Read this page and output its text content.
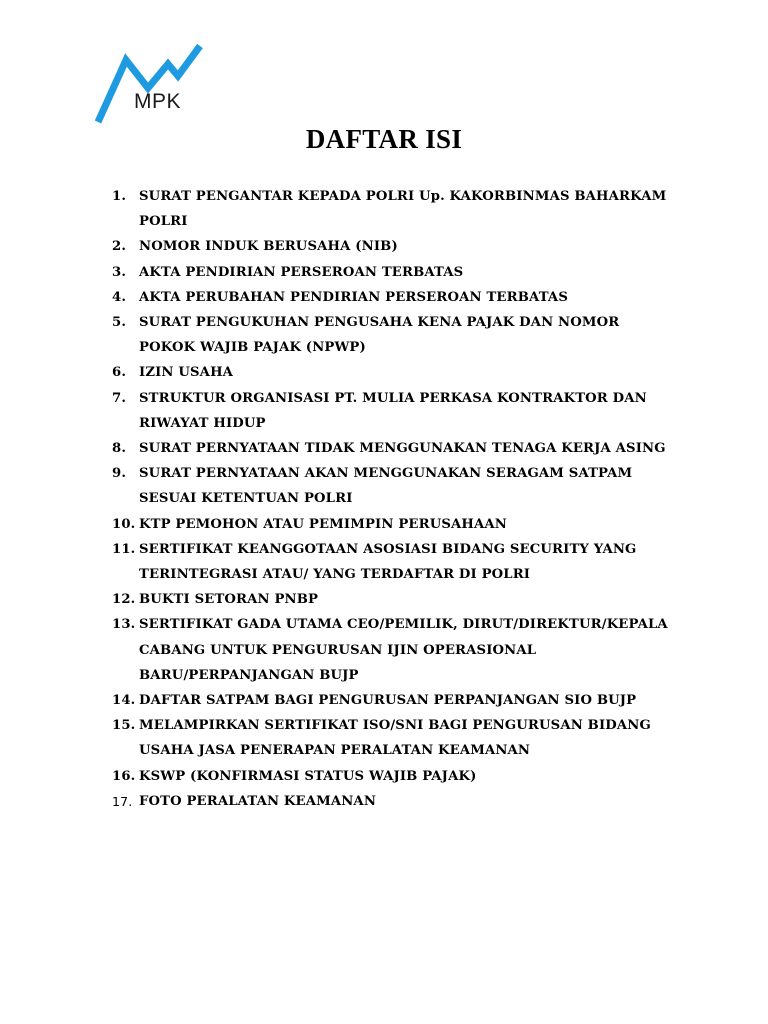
MPK
DAFTAR ISI
1. SURAT PENGANTAR KEPADA POLRI Up. KAKORBINMAS BAHARKAM
POLRI
2. NOMOR INDUK BERUSAHA (NIB)
3. AKTA PENDIRIAN PERSEROAN TERBATAS
4. AKTA PERUBAHAN PENDIRIAN PERSEROAN TERBATAS
5. SURAT PENGUKUHAN PENGUSAHA KENA PAJAK DAN NOMOR
POKOK WAJIB PAJAK (NPWP)
6. IZIN USAHA
7. STRUKTUR ORGANISASI PT. MULIA PERKASA KONTRAKTOR DAN
RIWAYAT HIDUP
8. SURAT PERNYATAAN TIDAK MENGGUNAKAN TENAGA KERJA ASING
9. SURAT PERNYATAAN AKAN MENGGUNAKAN SERAGAM SATPAM
SESUAI KETENTUAN POLRI
10. KTP PEMOHON ATAU PEMIMPIN PERUSAHAAN
11. SERTIFIKAT KEANGGOTAAN ASOSIASI BIDANG SECURITY YANG
TERINTEGRASI ATAU/ YANG TERDAFTAR DI POLRI
12. BUKTI SETORAN PNBP
13. SERTIFIKAT GADA UTAMA CEO/PEMILIK, DIRUT/DIREKTUR/KEPALA
CABANG UNTUK PENGURUSAN IJIN OPERASIONAL
BARU/PERPANJANGAN BUJP
14. DAFTAR SATPAM BAGI PENGURUSAN PERPANJANGAN SIO BUJP
15. MELAMPIRKAN SERTIFIKAT ISO/SNI BAGI PENGURUSAN BIDANG
USAHA JASA PENERAPAN PERALATAN KEAMANAN
16. KSWP (KONFIRMASI STATUS WAJIB PAJAK)
17. FOTO PERALATAN KEAMANAN
